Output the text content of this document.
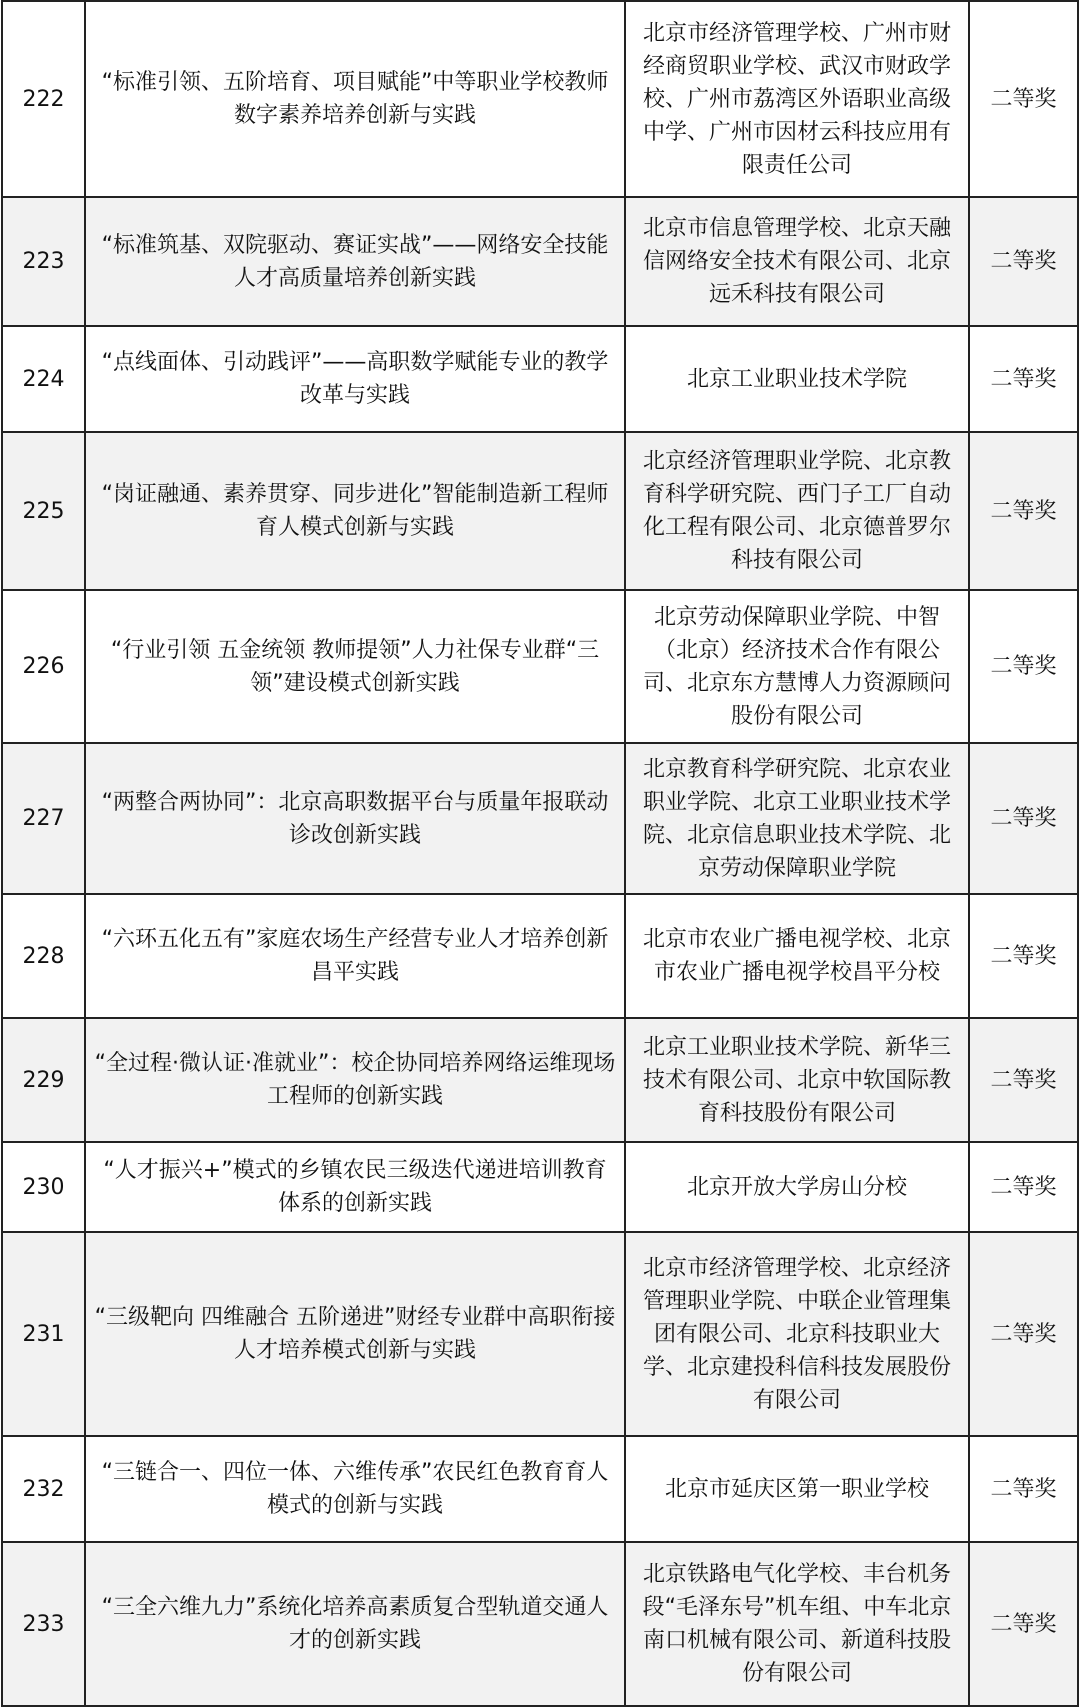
222	“标准引领、五阶培育、项目赋能”中等职业学校教师数字素养培养创新与实践	北京市经济管理学校、广州市财经商贸职业学校、武汉市财政学校、广州市荔湾区外语职业高级中学、广州市因材云科技应用有限责任公司	二等奖
223	“标准筑基、双院驱动、赛证实战”——网络安全技能人才高质量培养创新实践	北京市信息管理学校、北京天融信网络安全技术有限公司、北京远禾科技有限公司	二等奖
224	“点线面体、引动践评”——高职数学赋能专业的教学改革与实践	北京工业职业技术学院	二等奖
225	“岗证融通、素养贯穿、同步进化”智能制造新工程师育人模式创新与实践	北京经济管理职业学院、北京教育科学研究院、西门子工厂自动化工程有限公司、北京德普罗尔科技有限公司	二等奖
226	“行业引领 五金统领 教师提领”人力社保专业群“三领”建设模式创新实践	北京劳动保障职业学院、中智（北京）经济技术合作有限公司、北京东方慧博人力资源顾问股份有限公司	二等奖
227	“两整合两协同”：北京高职数据平台与质量年报联动诊改创新实践	北京教育科学研究院、北京农业职业学院、北京工业职业技术学院、北京信息职业技术学院、北京劳动保障职业学院	二等奖
228	“六环五化五有”家庭农场生产经营专业人才培养创新昌平实践	北京市农业广播电视学校、北京市农业广播电视学校昌平分校	二等奖
229	“全过程·微认证·准就业”：校企协同培养网络运维现场工程师的创新实践	北京工业职业技术学院、新华三技术有限公司、北京中软国际教育科技股份有限公司	二等奖
230	“人才振兴+”模式的乡镇农民三级迭代递进培训教育体系的创新实践	北京开放大学房山分校	二等奖
231	“三级靶向 四维融合 五阶递进”财经专业群中高职衔接人才培养模式创新与实践	北京市经济管理学校、北京经济管理职业学院、中联企业管理集团有限公司、北京科技职业大学、北京建投科信科技发展股份有限公司	二等奖
232	“三链合一、四位一体、六维传承”农民红色教育育人模式的创新与实践	北京市延庆区第一职业学校	二等奖
233	“三全六维九力”系统化培养高素质复合型轨道交通人才的创新实践	北京铁路电气化学校、丰台机务段“毛泽东号”机车组、中车北京南口机械有限公司、新道科技股份有限公司	二等奖
